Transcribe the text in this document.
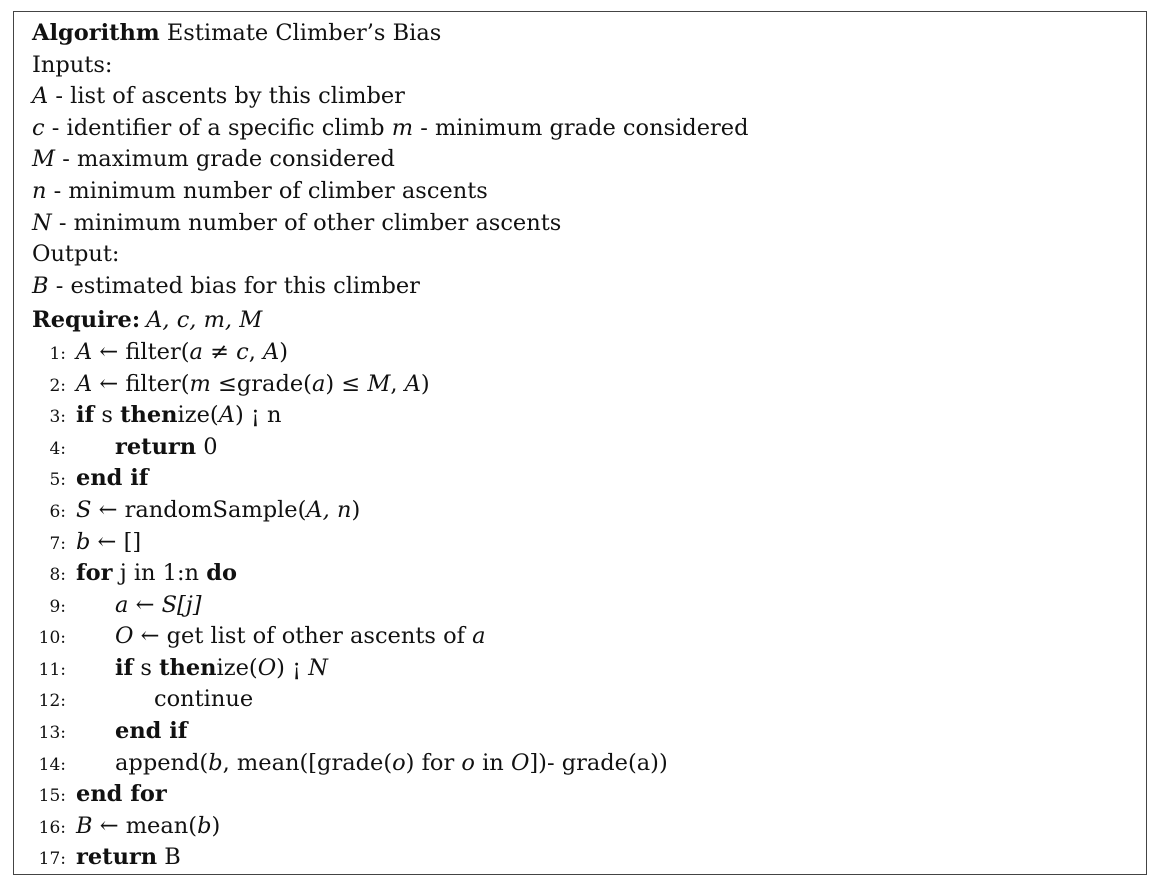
Algorithm Estimate Climber’s Bias
Inputs:
A - list of ascents by this climber
c - identifier of a specific climb m - minimum grade considered
M - maximum grade considered
n - minimum number of climber ascents
N - minimum number of other climber ascents
Output:
B - estimated bias for this climber
Require: A, c, m, M
1: A ← filter(a ≠ c, A)
2: A ← filter(m ≤grade(a) ≤ M, A)
3: if s thenize(A) ¡ n
4: return 0
5: end if
6: S ← randomSample(A, n)
7: b ← []
8: for j in 1:n do
9: a ← S[j]
10: O ← get list of other ascents of a
11: if s thenize(O) ¡ N
12:	continue
13: end if
14: append(b, mean([grade(o) for o in O])- grade(a))
15: end for
16: B ← mean(b)
17: return B
